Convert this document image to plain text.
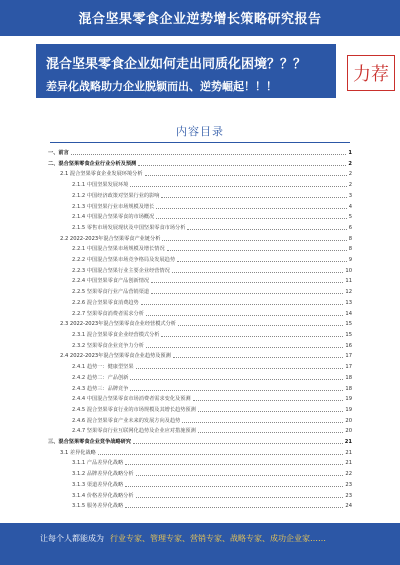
混合坚果零食企业逆势增长策略研究报告
混合坚果零食企业如何走出同质化困境？？？
差异化战略助力企业脱颖而出、逆势崛起！！！
力荐
内容目录
一、前言	1
二、混合坚果零食企业行业分析及预测	2
2.1 混合坚果零食企业发展环境分析	2
2.1.1 中国坚果发展环境	2
2.1.2 中国经济政策对坚果行业的影响	3
2.1.3 中国坚果行业市场规模及增长	4
2.1.4 中国混合坚果零食的市场概况	5
2.1.5 零售市场发展现状及中国坚果零食市场分析	6
2.2 2022-2023年混合坚果零食产业链分析	8
2.2.1 中国混合坚果市场规模及增长情况	8
2.2.2 中国混合坚果市场竞争格局及发展趋势	9
2.2.3 中国混合坚果行业主要企业经营情况	10
2.2.4 中国坚果零食产品创新情况	11
2.2.5 坚果零食行业产品营销渠道	12
2.2.6 混合坚果零食消费趋势	13
2.2.7 坚果零食消费者需求分析	14
2.3 2022-2023年混合坚果零食企业经营模式分析	15
2.3.1 混合坚果零食企业经营模式分析	15
2.3.2 坚果零食企业竞争力分析	16
2.4 2022-2023年混合坚果零食企业趋势及预测	17
2.4.1 趋势一：健康型坚果	17
2.4.2 趋势二：产品创新	18
2.4.3 趋势三：品牌竞争	18
2.4.4 中国混合坚果零食市场消费者需求变化及预测	19
2.4.5 混合坚果零食行业的市场规模及其增长趋势预测	19
2.4.6 混合坚果零食产业未来的发展方向及趋势	20
2.4.7 坚果零食行业互联网化趋势及企业应对措施预测	20
三、混合坚果零食企业竞争战略研究	21
3.1 差异化战略	21
3.1.1 产品差异化战略	21
3.1.2 品牌差异化战略分析	22
3.1.3 渠道差异化战略	23
3.1.4 价格差异化战略分析	23
3.1.5 服务差异化战略	24
让每个人都能成为 行业专家、管理专家、营销专家、战略专家、成功企业家……
